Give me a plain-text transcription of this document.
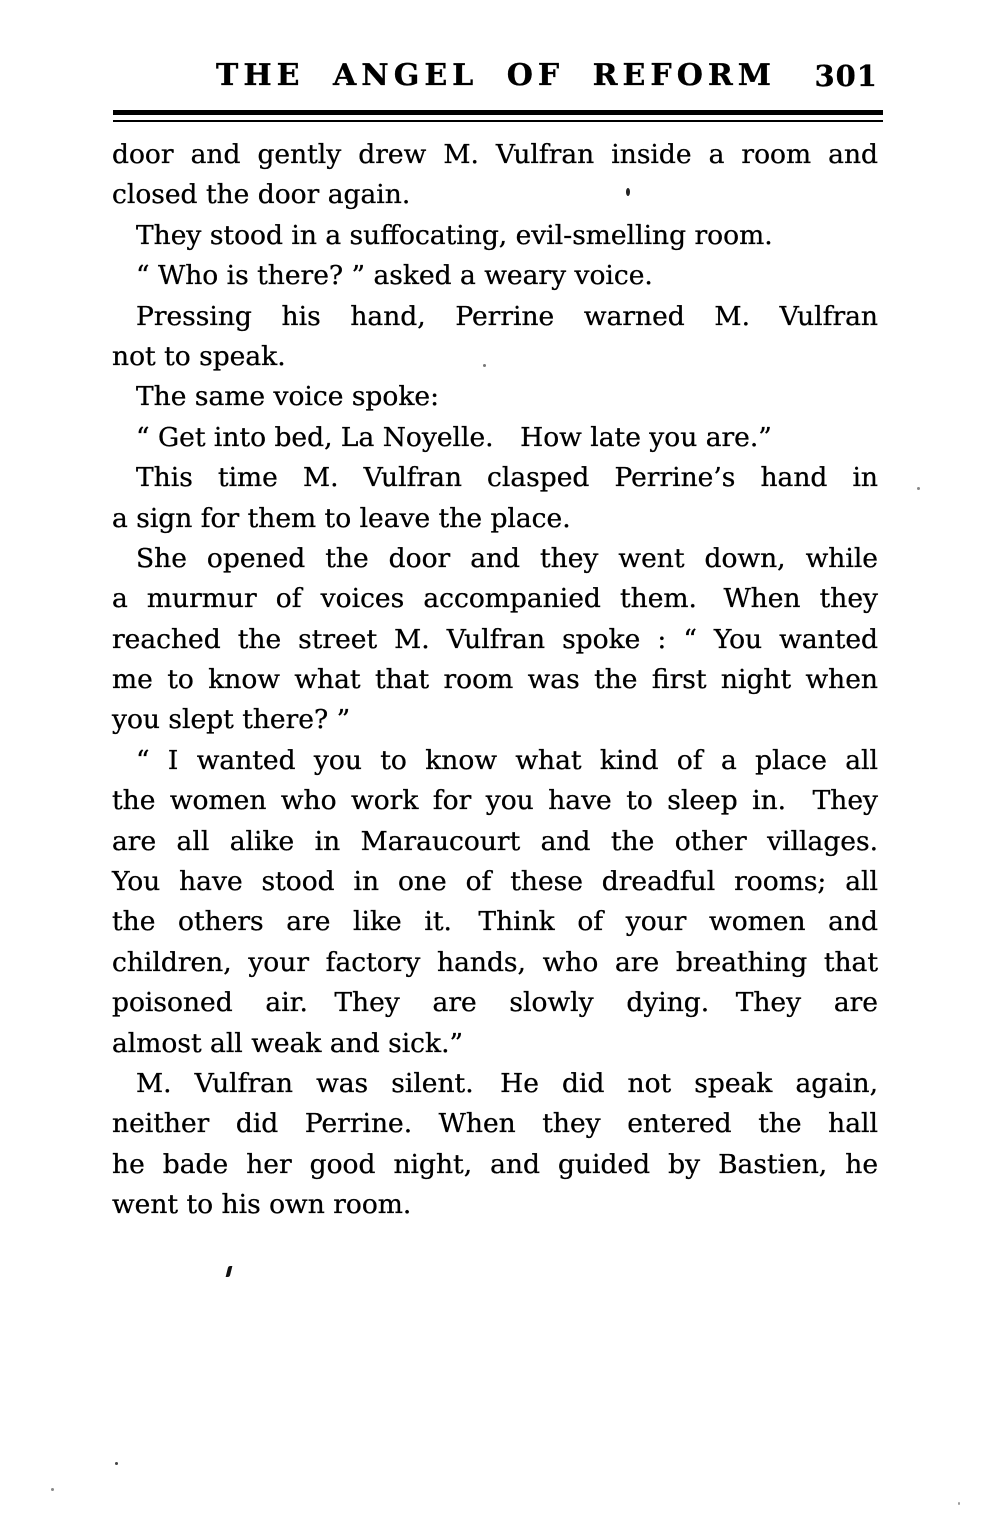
THE ANGEL OF REFORM 301
door and gently drew M. Vulfran inside a room and
closed the door again.
They stood in a suffocating, evil-smelling room.
“ Who is there? ” asked a weary voice.
Pressing his hand, Perrine warned M. Vulfran
not to speak.
The same voice spoke:
“ Get into bed, La Noyelle. How late you are.”
This time M. Vulfran clasped Perrine’s hand in
a sign for them to leave the place.
She opened the door and they went down, while
a murmur of voices accompanied them. When they
reached the street M. Vulfran spoke : “ You wanted
me to know what that room was the first night when
you slept there? ”
“ I wanted you to know what kind of a place all
the women who work for you have to sleep in. They
are all alike in Maraucourt and the other villages.
You have stood in one of these dreadful rooms; all
the others are like it. Think of your women and
children, your factory hands, who are breathing that
poisoned air. They are slowly dying. They are
almost all weak and sick.”
M. Vulfran was silent. He did not speak again,
neither did Perrine. When they entered the hall
he bade her good night, and guided by Bastien, he
went to his own room.
